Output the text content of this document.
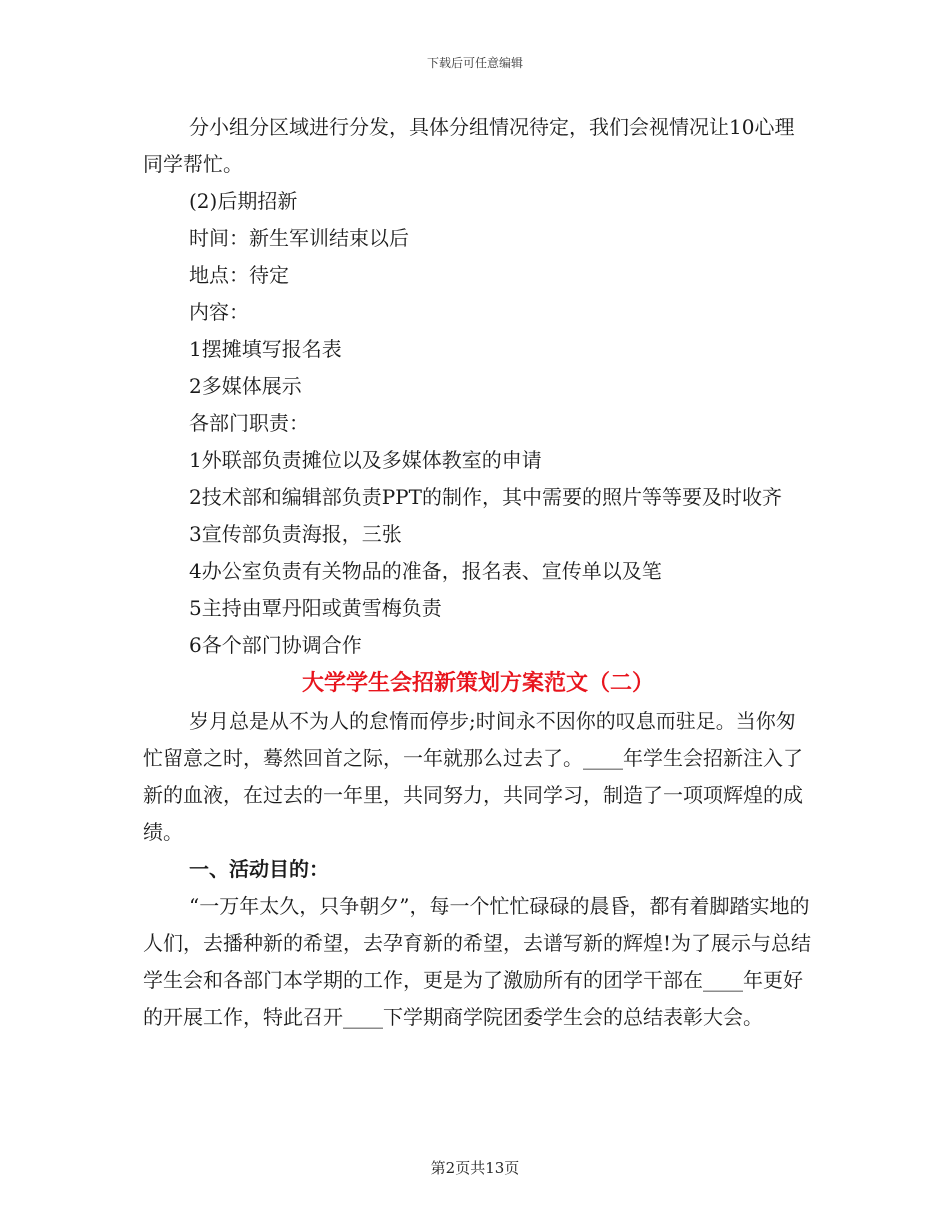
下载后可任意编辑

分小组分区域进行分发，具体分组情况待定，我们会视情况让10心理同学帮忙。

(2)后期招新

时间：新生军训结束以后

地点：待定

内容：

1摆摊填写报名表

2多媒体展示

各部门职责：

1外联部负责摊位以及多媒体教室的申请

2技术部和编辑部负责PPT的制作，其中需要的照片等等要及时收齐

3宣传部负责海报，三张

4办公室负责有关物品的准备，报名表、宣传单以及笔

5主持由覃丹阳或黄雪梅负责

6各个部门协调合作

大学学生会招新策划方案范文（二）

岁月总是从不为人的怠惰而停步;时间永不因你的叹息而驻足。当你匆忙留意之时，蓦然回首之际，一年就那么过去了。____年学生会招新注入了新的血液，在过去的一年里，共同努力，共同学习，制造了一项项辉煌的成绩。

一、活动目的：

“一万年太久，只争朝夕”，每一个忙忙碌碌的晨昏，都有着脚踏实地的人们，去播种新的希望，去孕育新的希望，去谱写新的辉煌!为了展示与总结学生会和各部门本学期的工作，更是为了激励所有的团学干部在____年更好的开展工作，特此召开____下学期商学院团委学生会的总结表彰大会。

第2页共13页
